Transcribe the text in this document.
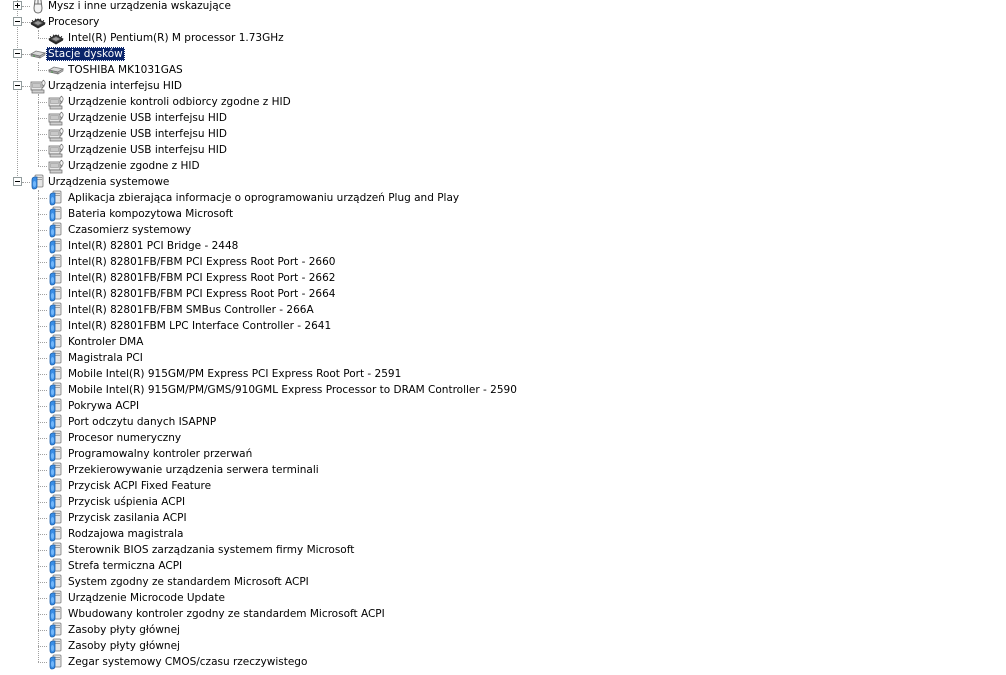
Mysz i inne urządzenia wskazujące
Procesory
Intel(R) Pentium(R) M processor 1.73GHz
Stacje dysków
TOSHIBA MK1031GAS
Urządzenia interfejsu HID
Urządzenie kontroli odbiorcy zgodne z HID
Urządzenie USB interfejsu HID
Urządzenie USB interfejsu HID
Urządzenie USB interfejsu HID
Urządzenie zgodne z HID
Urządzenia systemowe
Aplikacja zbierająca informacje o oprogramowaniu urządzeń Plug and Play
Bateria kompozytowa Microsoft
Czasomierz systemowy
Intel(R) 82801 PCI Bridge - 2448
Intel(R) 82801FB/FBM PCI Express Root Port - 2660
Intel(R) 82801FB/FBM PCI Express Root Port - 2662
Intel(R) 82801FB/FBM PCI Express Root Port - 2664
Intel(R) 82801FB/FBM SMBus Controller - 266A
Intel(R) 82801FBM LPC Interface Controller - 2641
Kontroler DMA
Magistrala PCI
Mobile Intel(R) 915GM/PM Express PCI Express Root Port - 2591
Mobile Intel(R) 915GM/PM/GMS/910GML Express Processor to DRAM Controller - 2590
Pokrywa ACPI
Port odczytu danych ISAPNP
Procesor numeryczny
Programowalny kontroler przerwań
Przekierowywanie urządzenia serwera terminali
Przycisk ACPI Fixed Feature
Przycisk uśpienia ACPI
Przycisk zasilania ACPI
Rodzajowa magistrala
Sterownik BIOS zarządzania systemem firmy Microsoft
Strefa termiczna ACPI
System zgodny ze standardem Microsoft ACPI
Urządzenie Microcode Update
Wbudowany kontroler zgodny ze standardem Microsoft ACPI
Zasoby płyty głównej
Zasoby płyty głównej
Zegar systemowy CMOS/czasu rzeczywistego
